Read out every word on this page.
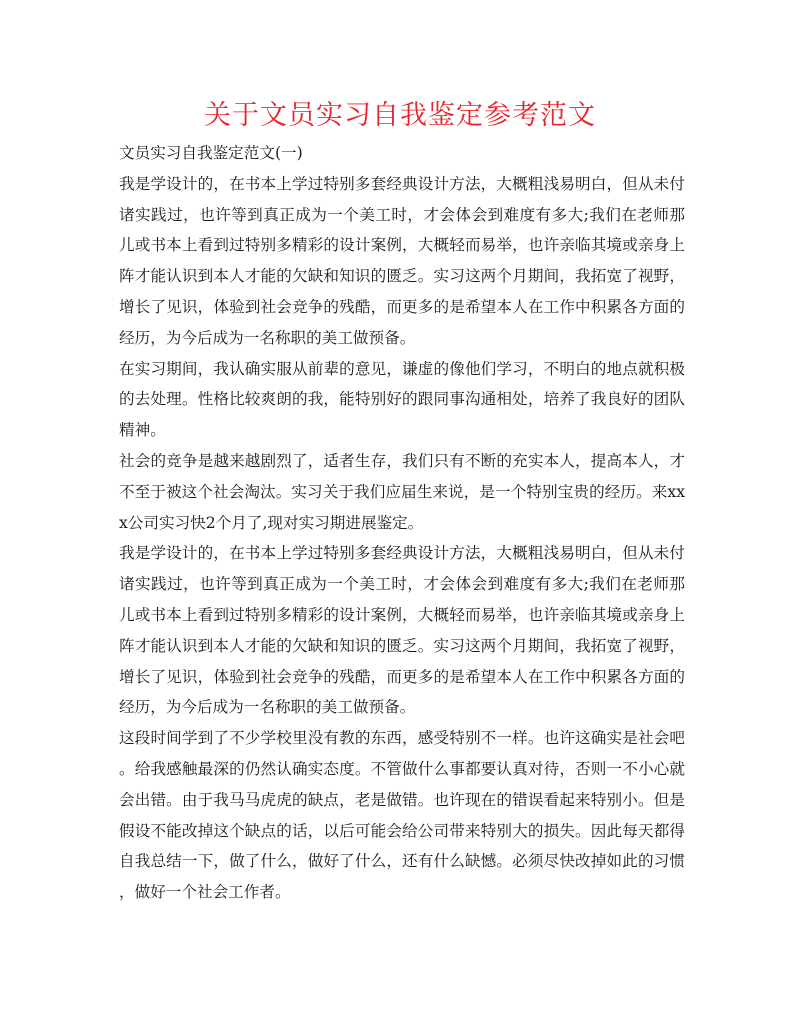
关于文员实习自我鉴定参考范文
文员实习自我鉴定范文(一)
我是学设计的，在书本上学过特别多套经典设计方法，大概粗浅易明白，但从未付
诸实践过，也许等到真正成为一个美工时，才会体会到难度有多大;我们在老师那
儿或书本上看到过特别多精彩的设计案例，大概轻而易举，也许亲临其境或亲身上
阵才能认识到本人才能的欠缺和知识的匮乏。实习这两个月期间，我拓宽了视野，
增长了见识，体验到社会竞争的残酷，而更多的是希望本人在工作中积累各方面的
经历，为今后成为一名称职的美工做预备。
在实习期间，我认确实服从前辈的意见，谦虚的像他们学习，不明白的地点就积极
的去处理。性格比较爽朗的我，能特别好的跟同事沟通相处，培养了我良好的团队
精神。
社会的竞争是越来越剧烈了，适者生存，我们只有不断的充实本人，提高本人，才
不至于被这个社会淘汰。实习关于我们应届生来说，是一个特别宝贵的经历。来xx
x公司实习快2个月了,现对实习期进展鉴定。
我是学设计的，在书本上学过特别多套经典设计方法，大概粗浅易明白，但从未付
诸实践过，也许等到真正成为一个美工时，才会体会到难度有多大;我们在老师那
儿或书本上看到过特别多精彩的设计案例，大概轻而易举，也许亲临其境或亲身上
阵才能认识到本人才能的欠缺和知识的匮乏。实习这两个月期间，我拓宽了视野，
增长了见识，体验到社会竞争的残酷，而更多的是希望本人在工作中积累各方面的
经历，为今后成为一名称职的美工做预备。
这段时间学到了不少学校里没有教的东西，感受特别不一样。也许这确实是社会吧
。给我感触最深的仍然认确实态度。不管做什么事都要认真对待，否则一不小心就
会出错。由于我马马虎虎的缺点，老是做错。也许现在的错误看起来特别小。但是
假设不能改掉这个缺点的话，以后可能会给公司带来特别大的损失。因此每天都得
自我总结一下，做了什么，做好了什么，还有什么缺憾。必须尽快改掉如此的习惯
，做好一个社会工作者。
